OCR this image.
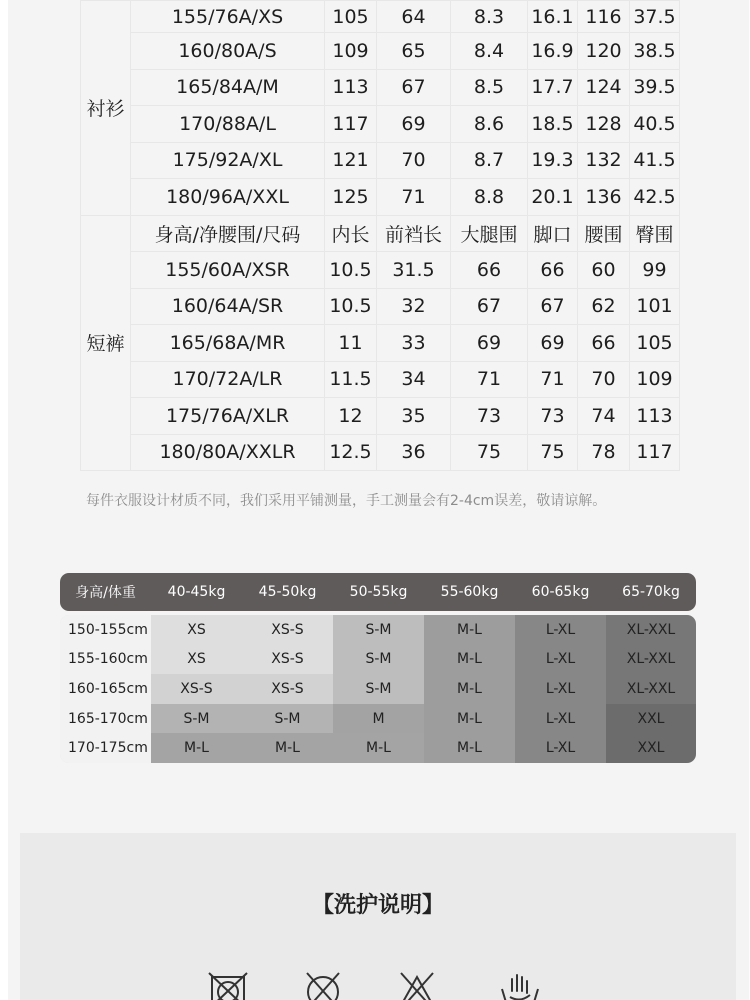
衬衫	155/76A/XS	105	64	8.3	16.1	116	37.5
	160/80A/S	109	65	8.4	16.9	120	38.5
	165/84A/M	113	67	8.5	17.7	124	39.5
	170/88A/L	117	69	8.6	18.5	128	40.5
	175/92A/XL	121	70	8.7	19.3	132	41.5
	180/96A/XXL	125	71	8.8	20.1	136	42.5
短裤	身高/净腰围/尺码	内长	前裆长	大腿围	脚口	腰围	臀围
	155/60A/XSR	10.5	31.5	66	66	60	99
	160/64A/SR	10.5	32	67	67	62	101
	165/68A/MR	11	33	69	69	66	105
	170/72A/LR	11.5	34	71	71	70	109
	175/76A/XLR	12	35	73	73	74	113
	180/80A/XXLR	12.5	36	75	75	78	117
每件衣服设计材质不同，我们采用平铺测量，手工测量会有2-4cm误差，敬请谅解。
身高/体重	40-45kg	45-50kg	50-55kg	55-60kg	60-65kg	65-70kg
150-155cm	XS	XS-S	S-M	M-L	L-XL	XL-XXL
155-160cm	XS	XS-S	S-M	M-L	L-XL	XL-XXL
160-165cm	XS-S	XS-S	S-M	M-L	L-XL	XL-XXL
165-170cm	S-M	S-M	M	M-L	L-XL	XXL
170-175cm	M-L	M-L	M-L	M-L	L-XL	XXL
【洗护说明】
